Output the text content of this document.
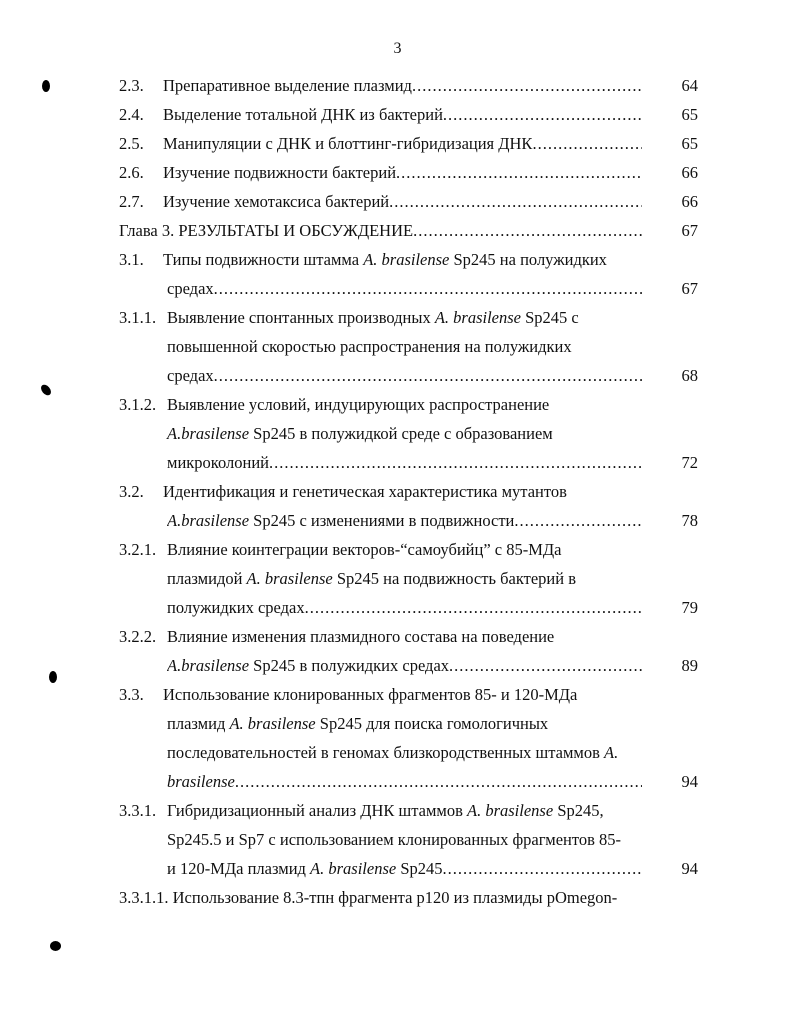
3
2.3. Препаративное выделение плазмид .....	64
2.4. Выделение тотальной ДНК из бактерий .....	65
2.5. Манипуляции с ДНК и блоттинг-гибридизация ДНК .....	65
2.6. Изучение подвижности бактерий .....	66
2.7. Изучение хемотаксиса бактерий .....	66
Глава 3. РЕЗУЛЬТАТЫ И ОБСУЖДЕНИЕ .....	67
3.1. Типы подвижности штамма A. brasilense Sp245 на полужидких
средах .....	67
3.1.1. Выявление спонтанных производных A. brasilense Sp245 с
повышенной скоростью распространения на полужидких
средах .....	68
3.1.2. Выявление условий, индуцирующих распространение
A.brasilense Sp245 в полужидкой среде с образованием
микроколоний .....	72
3.2. Идентификация и генетическая характеристика мутантов
A.brasilense Sp245 с изменениями в подвижности .....	78
3.2.1. Влияние коинтеграции векторов-“самоубийц” с 85-МДа
плазмидой A. brasilense Sp245 на подвижность бактерий в
полужидких средах .....	79
3.2.2. Влияние изменения плазмидного состава на поведение
A.brasilense Sp245 в полужидких средах .....	89
3.3. Использование клонированных фрагментов 85- и 120-МДа
плазмид A. brasilense Sp245 для поиска гомологичных
последовательностей в геномах близкородственных штаммов A.
brasilense .....	94
3.3.1. Гибридизационный анализ ДНК штаммов A. brasilense Sp245,
Sp245.5 и Sp7 с использованием клонированных фрагментов 85-
и 120-МДа плазмид A. brasilense Sp245 .....	94
3.3.1.1. Использование 8.3-тпн фрагмента p120 из плазмиды pOmegon-
